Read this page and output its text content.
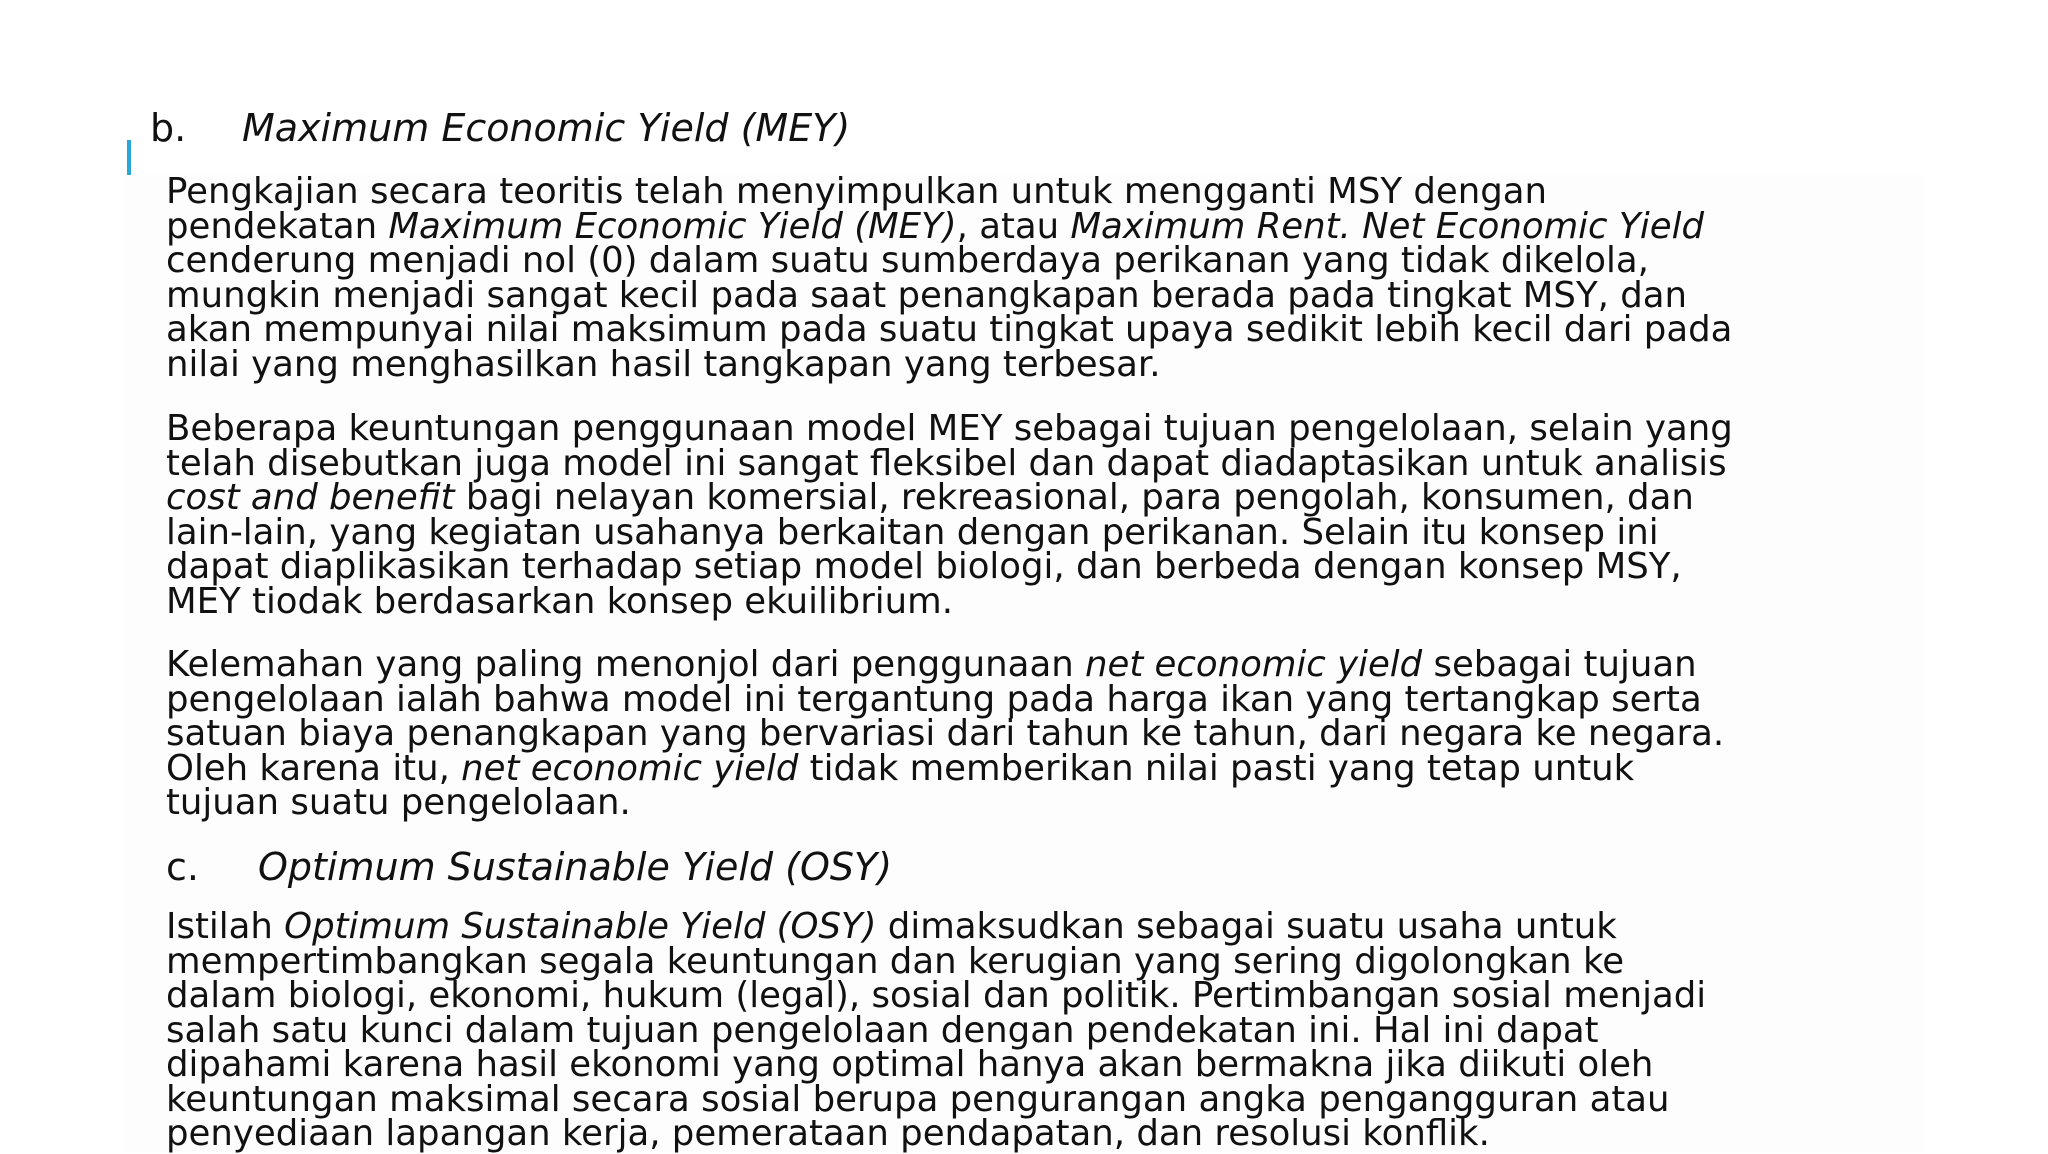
b. Maximum Economic Yield (MEY)
Pengkajian secara teoritis telah menyimpulkan untuk mengganti MSY dengan
pendekatan Maximum Economic Yield (MEY), atau Maximum Rent. Net Economic Yield
cenderung menjadi nol (0) dalam suatu sumberdaya perikanan yang tidak dikelola,
mungkin menjadi sangat kecil pada saat penangkapan berada pada tingkat MSY, dan
akan mempunyai nilai maksimum pada suatu tingkat upaya sedikit lebih kecil dari pada
nilai yang menghasilkan hasil tangkapan yang terbesar.
Beberapa keuntungan penggunaan model MEY sebagai tujuan pengelolaan, selain yang
telah disebutkan juga model ini sangat fleksibel dan dapat diadaptasikan untuk analisis
cost and benefit bagi nelayan komersial, rekreasional, para pengolah, konsumen, dan
lain-lain, yang kegiatan usahanya berkaitan dengan perikanan. Selain itu konsep ini
dapat diaplikasikan terhadap setiap model biologi, dan berbeda dengan konsep MSY,
MEY tiodak berdasarkan konsep ekuilibrium.
Kelemahan yang paling menonjol dari penggunaan net economic yield sebagai tujuan
pengelolaan ialah bahwa model ini tergantung pada harga ikan yang tertangkap serta
satuan biaya penangkapan yang bervariasi dari tahun ke tahun, dari negara ke negara.
Oleh karena itu, net economic yield tidak memberikan nilai pasti yang tetap untuk
tujuan suatu pengelolaan.
c. Optimum Sustainable Yield (OSY)
Istilah Optimum Sustainable Yield (OSY) dimaksudkan sebagai suatu usaha untuk
mempertimbangkan segala keuntungan dan kerugian yang sering digolongkan ke
dalam biologi, ekonomi, hukum (legal), sosial dan politik. Pertimbangan sosial menjadi
salah satu kunci dalam tujuan pengelolaan dengan pendekatan ini. Hal ini dapat
dipahami karena hasil ekonomi yang optimal hanya akan bermakna jika diikuti oleh
keuntungan maksimal secara sosial berupa pengurangan angka pengangguran atau
penyediaan lapangan kerja, pemerataan pendapatan, dan resolusi konflik.
